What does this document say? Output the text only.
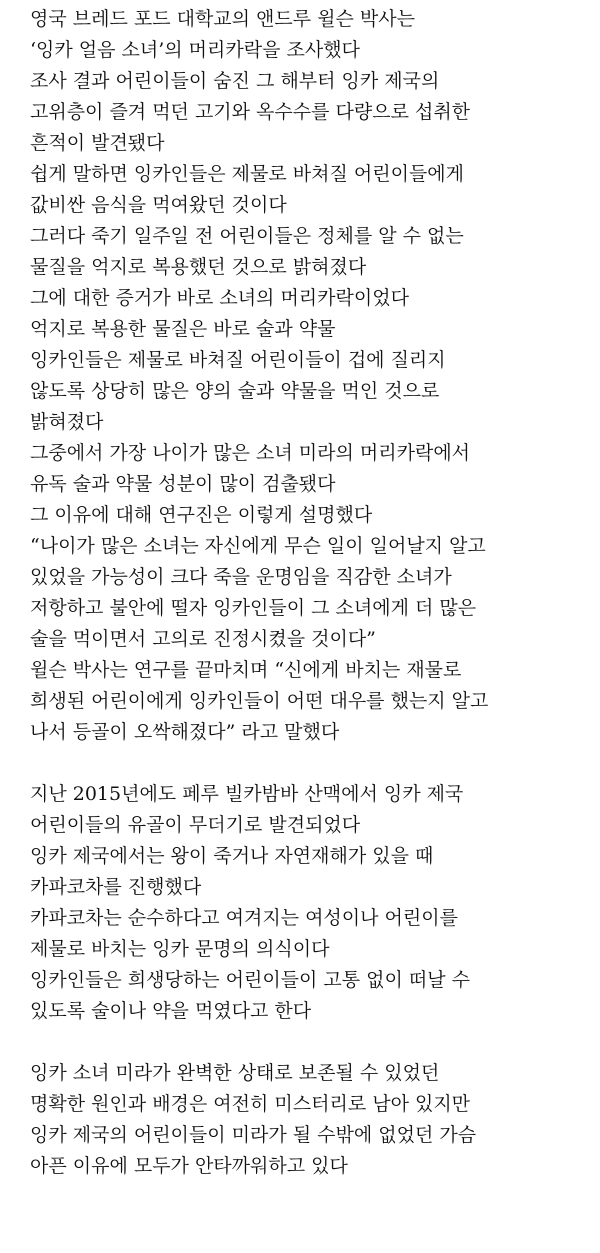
영국 브레드 포드 대학교의 앤드루 윌슨 박사는
‘잉카 얼음 소녀’의 머리카락을 조사했다
조사 결과 어린이들이 숨진 그 해부터 잉카 제국의
고위층이 즐겨 먹던 고기와 옥수수를 다량으로 섭취한
흔적이 발견됐다
쉽게 말하면 잉카인들은 제물로 바쳐질 어린이들에게
값비싼 음식을 먹여왔던 것이다
그러다 죽기 일주일 전 어린이들은 정체를 알 수 없는
물질을 억지로 복용했던 것으로 밝혀졌다
그에 대한 증거가 바로 소녀의 머리카락이었다
억지로 복용한 물질은 바로 술과 약물
잉카인들은 제물로 바쳐질 어린이들이 겁에 질리지
않도록 상당히 많은 양의 술과 약물을 먹인 것으로
밝혀졌다
그중에서 가장 나이가 많은 소녀 미라의 머리카락에서
유독 술과 약물 성분이 많이 검출됐다
그 이유에 대해 연구진은 이렇게 설명했다
“나이가 많은 소녀는 자신에게 무슨 일이 일어날지 알고
있었을 가능성이 크다 죽을 운명임을 직감한 소녀가
저항하고 불안에 떨자 잉카인들이 그 소녀에게 더 많은
술을 먹이면서 고의로 진정시켰을 것이다”
윌슨 박사는 연구를 끝마치며 “신에게 바치는 재물로
희생된 어린이에게 잉카인들이 어떤 대우를 했는지 알고
나서 등골이 오싹해졌다” 라고 말했다
지난 2015년에도 페루 빌카밤바 산맥에서 잉카 제국
어린이들의 유골이 무더기로 발견되었다
잉카 제국에서는 왕이 죽거나 자연재해가 있을 때
카파코차를 진행했다
카파코차는 순수하다고 여겨지는 여성이나 어린이를
제물로 바치는 잉카 문명의 의식이다
잉카인들은 희생당하는 어린이들이 고통 없이 떠날 수
있도록 술이나 약을 먹였다고 한다
잉카 소녀 미라가 완벽한 상태로 보존될 수 있었던
명확한 원인과 배경은 여전히 미스터리로 남아 있지만
잉카 제국의 어린이들이 미라가 될 수밖에 없었던 가슴
아픈 이유에 모두가 안타까워하고 있다
